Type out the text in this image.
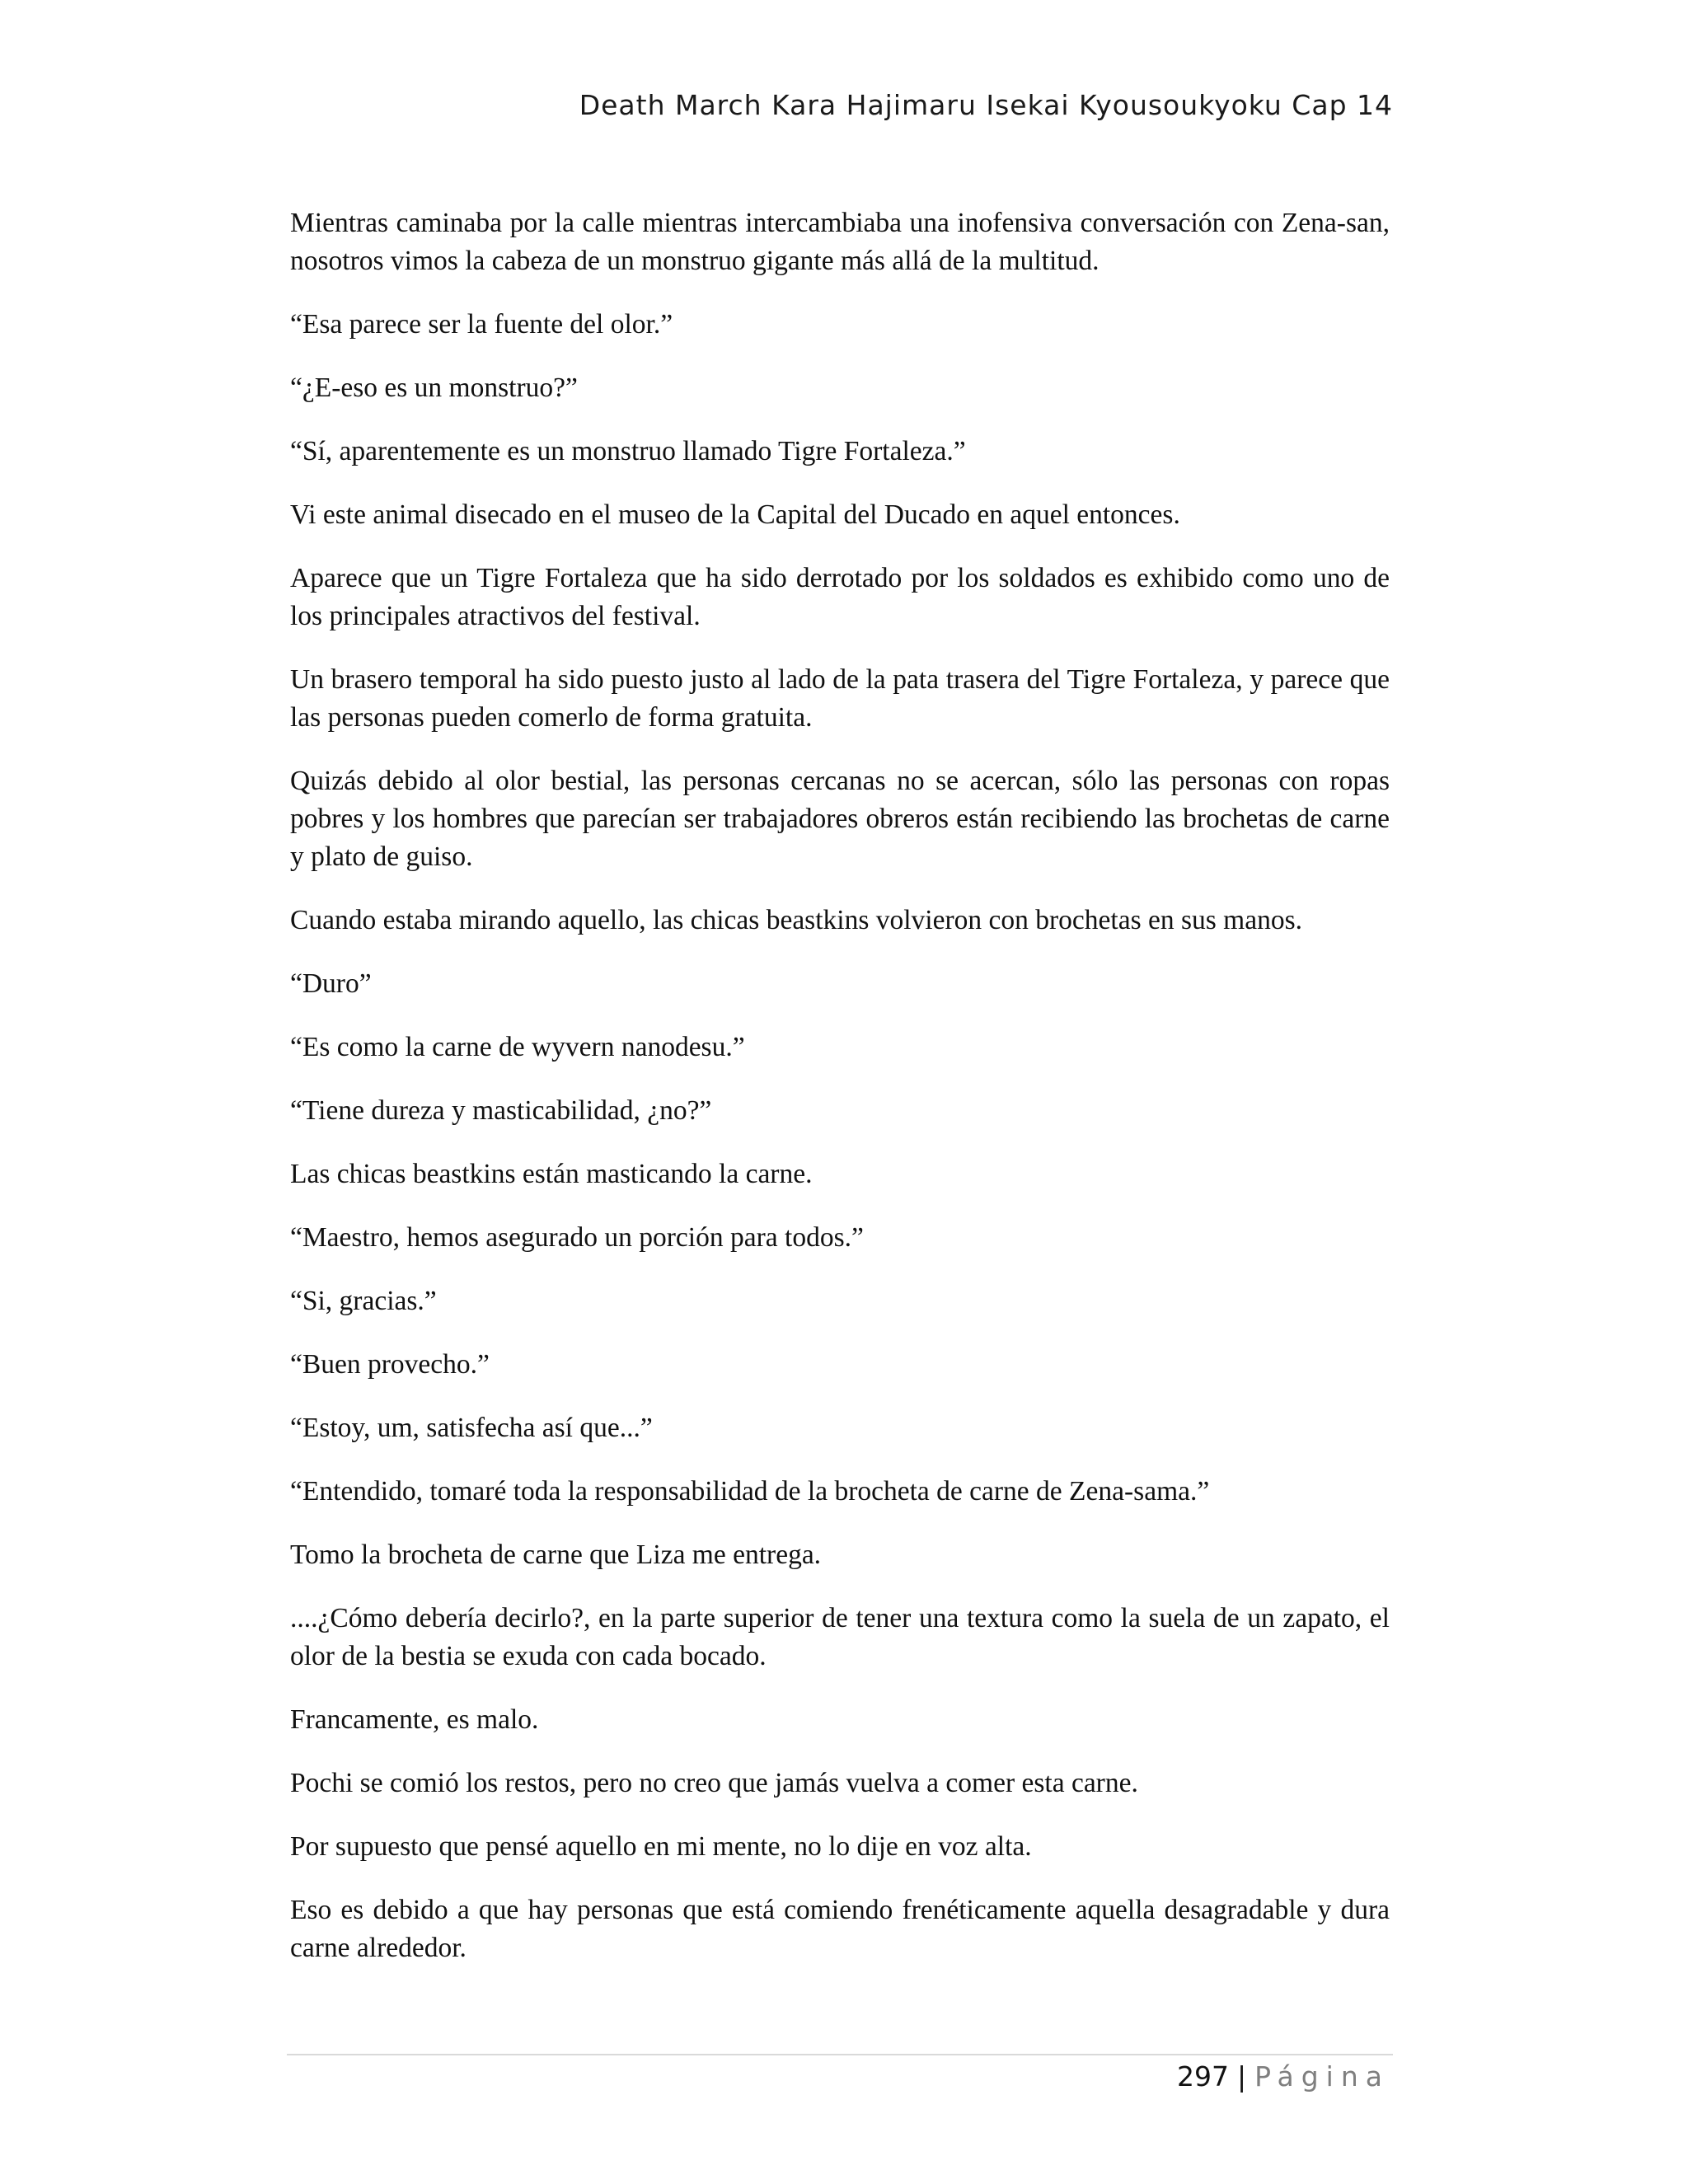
Death March Kara Hajimaru Isekai Kyousoukyoku Cap 14

Mientras caminaba por la calle mientras intercambiaba una inofensiva conversación con Zena-san, nosotros vimos la cabeza de un monstruo gigante más allá de la multitud.

“Esa parece ser la fuente del olor.”

“¿E-eso es un monstruo?”

“Sí, aparentemente es un monstruo llamado Tigre Fortaleza.”

Vi este animal disecado en el museo de la Capital del Ducado en aquel entonces.

Aparece que un Tigre Fortaleza que ha sido derrotado por los soldados es exhibido como uno de los principales atractivos del festival.

Un brasero temporal ha sido puesto justo al lado de la pata trasera del Tigre Fortaleza, y parece que las personas pueden comerlo de forma gratuita.

Quizás debido al olor bestial, las personas cercanas no se acercan, sólo las personas con ropas pobres y los hombres que parecían ser trabajadores obreros están recibiendo las brochetas de carne y plato de guiso.

Cuando estaba mirando aquello, las chicas beastkins volvieron con brochetas en sus manos.

“Duro”

“Es como la carne de wyvern nanodesu.”

“Tiene dureza y masticabilidad, ¿no?”

Las chicas beastkins están masticando la carne.

“Maestro, hemos asegurado un porción para todos.”

“Si, gracias.”

“Buen provecho.”

“Estoy, um, satisfecha así que...”

“Entendido, tomaré toda la responsabilidad de la brocheta de carne de Zena-sama.”

Tomo la brocheta de carne que Liza me entrega.

....¿Cómo debería decirlo?, en la parte superior de tener una textura como la suela de un zapato, el olor de la bestia se exuda con cada bocado.

Francamente, es malo.

Pochi se comió los restos, pero no creo que jamás vuelva a comer esta carne.

Por supuesto que pensé aquello en mi mente, no lo dije en voz alta.

Eso es debido a que hay personas que está comiendo frenéticamente aquella desagradable y dura carne alrededor.

297 | Página
